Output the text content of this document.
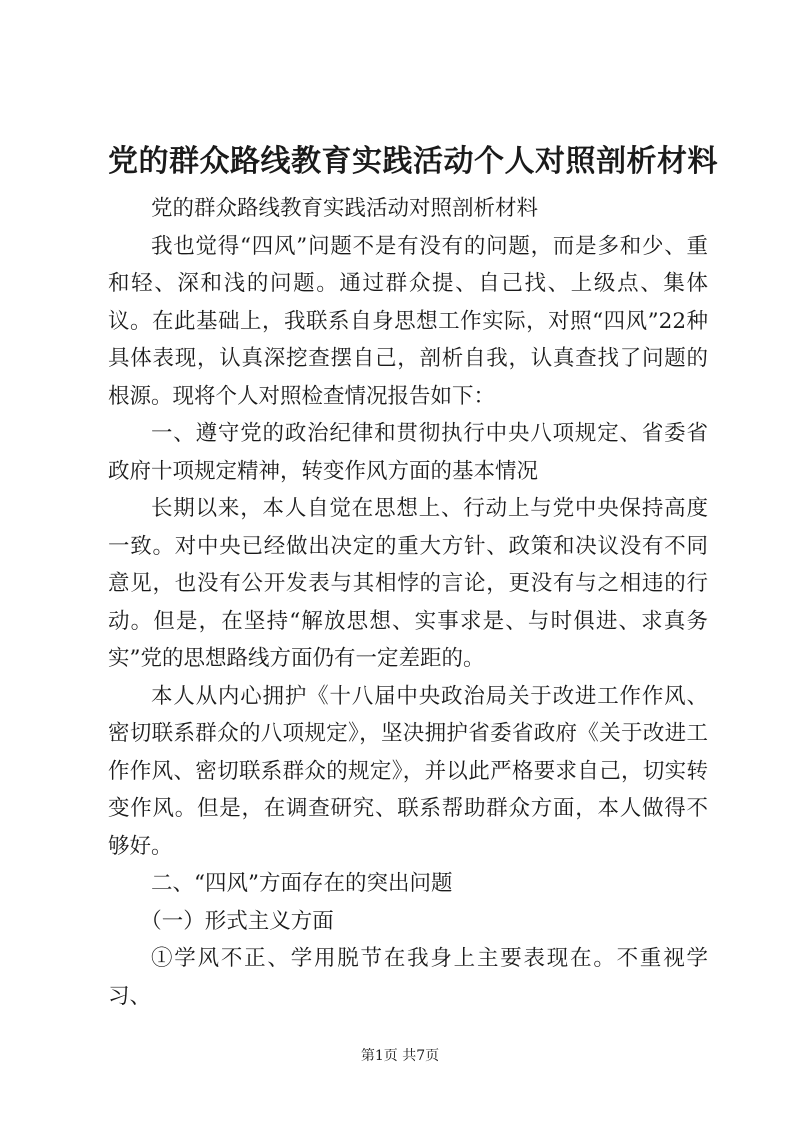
党的群众路线教育实践活动个人对照剖析材料

党的群众路线教育实践活动对照剖析材料

我也觉得“四风”问题不是有没有的问题，而是多和少、重和轻、深和浅的问题。通过群众提、自己找、上级点、集体议。在此基础上，我联系自身思想工作实际，对照“四风”22种具体表现，认真深挖查摆自己，剖析自我，认真查找了问题的根源。现将个人对照检查情况报告如下：

一、遵守党的政治纪律和贯彻执行中央八项规定、省委省政府十项规定精神，转变作风方面的基本情况

长期以来，本人自觉在思想上、行动上与党中央保持高度一致。对中央已经做出决定的重大方针、政策和决议没有不同意见，也没有公开发表与其相悖的言论，更没有与之相违的行动。但是，在坚持“解放思想、实事求是、与时俱进、求真务实”党的思想路线方面仍有一定差距的。

本人从内心拥护《十八届中央政治局关于改进工作作风、密切联系群众的八项规定》，坚决拥护省委省政府《关于改进工作作风、密切联系群众的规定》，并以此严格要求自己，切实转变作风。但是，在调查研究、联系帮助群众方面，本人做得不够好。

二、“四风”方面存在的突出问题

（一）形式主义方面

①学风不正、学用脱节在我身上主要表现在。不重视学习、

第1页 共7页
